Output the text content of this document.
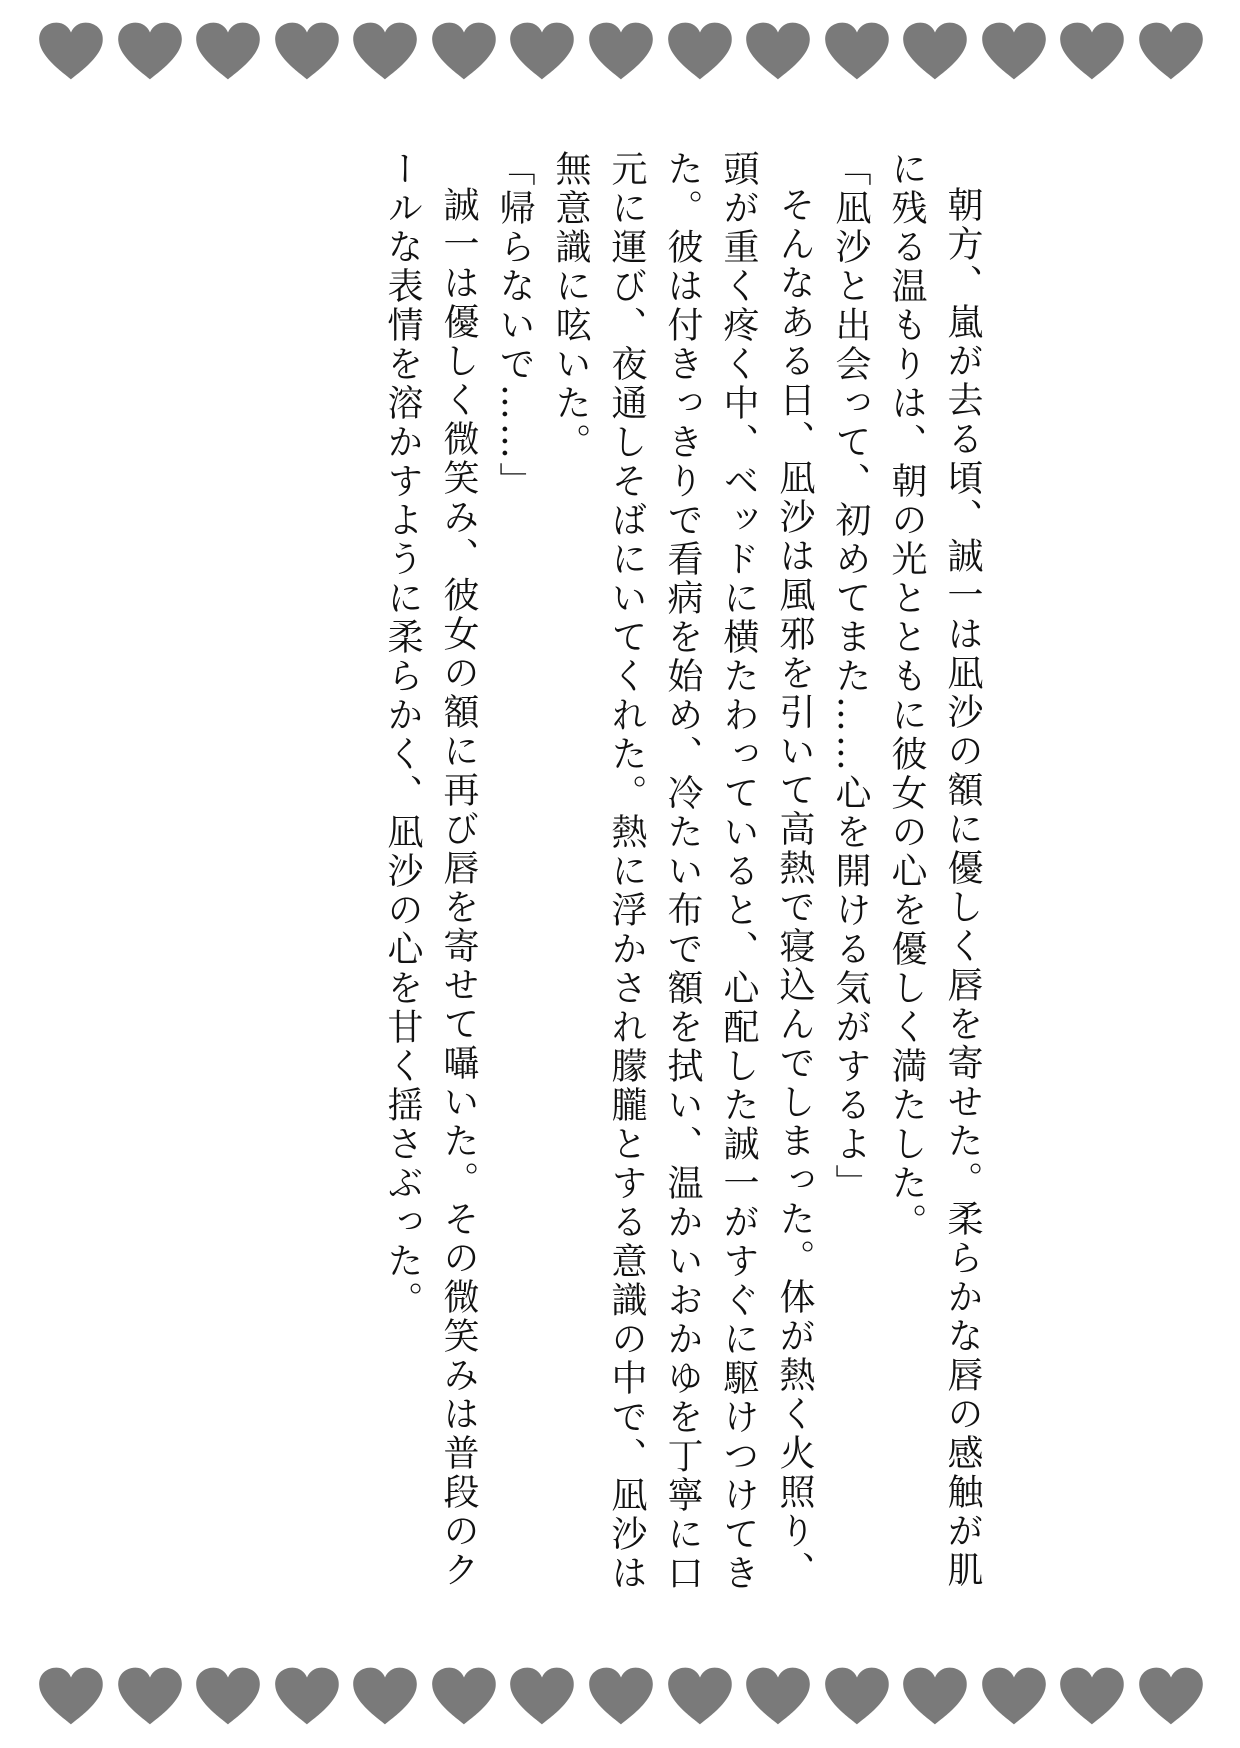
朝方、嵐が去る頃、誠一は凪沙の額に優しく唇を寄せた。柔らかな唇の感触が肌に残る温もりは、朝の光とともに彼女の心を優しく満たした。

「凪沙と出会って、初めてまた……心を開ける気がするよ」

そんなある日、凪沙は風邪を引いて高熱で寝込んでしまった。体が熱く火照り、頭が重く疼く中、ベッドに横たわっていると、心配した誠一がすぐに駆けつけてきた。彼は付きっきりで看病を始め、冷たい布で額を拭い、温かいおかゆを丁寧に口元に運び、夜通しそばにいてくれた。熱に浮かされ朦朧とする意識の中で、凪沙は無意識に呟いた。

「帰らないで……」

誠一は優しく微笑み、彼女の額に再び唇を寄せて囁いた。その微笑みは普段のクールな表情を溶かすように柔らかく、凪沙の心を甘く揺さぶった。
